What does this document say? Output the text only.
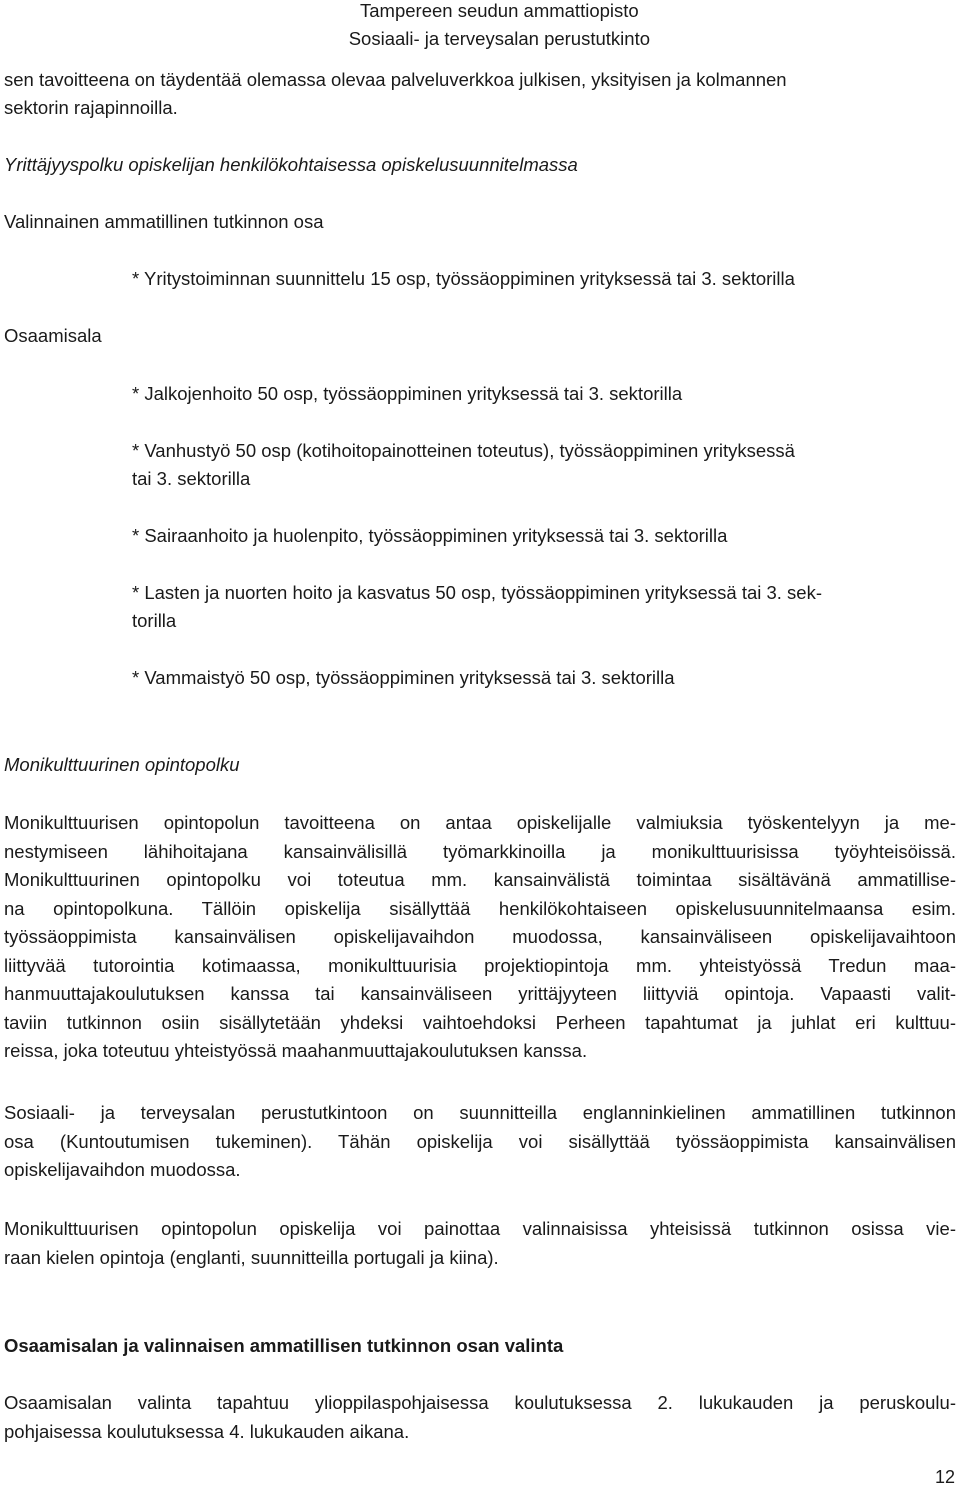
Tampereen seudun ammattiopisto
Sosiaali- ja terveysalan perustutkinto
sen tavoitteena on täydentää olemassa olevaa palveluverkkoa julkisen, yksityisen ja kolmannen
sektorin rajapinnoilla.
Yrittäjyyspolku opiskelijan henkilökohtaisessa opiskelusuunnitelmassa
Valinnainen ammatillinen tutkinnon osa
* Yritystoiminnan suunnittelu 15 osp, työssäoppiminen yrityksessä tai 3. sektorilla
Osaamisala
* Jalkojenhoito 50 osp, työssäoppiminen yrityksessä tai 3. sektorilla
* Vanhustyö 50 osp (kotihoitopainotteinen toteutus), työssäoppiminen yrityksessä
tai 3. sektorilla
* Sairaanhoito ja huolenpito, työssäoppiminen yrityksessä tai 3. sektorilla
* Lasten ja nuorten hoito ja kasvatus 50 osp, työssäoppiminen yrityksessä tai 3. sek-
torilla
* Vammaistyö 50 osp, työssäoppiminen yrityksessä tai 3. sektorilla
Monikulttuurinen opintopolku
Monikulttuurisen opintopolun tavoitteena on antaa opiskelijalle valmiuksia työskentelyyn ja me-
nestymiseen lähihoitajana kansainvälisillä työmarkkinoilla ja monikulttuurisissa työyhteisöissä.
Monikulttuurinen opintopolku voi toteutua mm. kansainvälistä toimintaa sisältävänä ammatillise-
na opintopolkuna. Tällöin opiskelija sisällyttää henkilökohtaiseen opiskelusuunnitelmaansa esim.
työssäoppimista kansainvälisen opiskelijavaihdon muodossa, kansainväliseen opiskelijavaihtoon
liittyvää tutorointia kotimaassa, monikulttuurisia projektiopintoja mm. yhteistyössä Tredun maa-
hanmuuttajakoulutuksen kanssa tai kansainväliseen yrittäjyyteen liittyviä opintoja. Vapaasti valit-
taviin tutkinnon osiin sisällytetään yhdeksi vaihtoehdoksi Perheen tapahtumat ja juhlat eri kulttuu-
reissa, joka toteutuu yhteistyössä maahanmuuttajakoulutuksen kanssa.
Sosiaali- ja terveysalan perustutkintoon on suunnitteilla englanninkielinen ammatillinen tutkinnon
osa (Kuntoutumisen tukeminen). Tähän opiskelija voi sisällyttää työssäoppimista kansainvälisen
opiskelijavaihdon muodossa.
Monikulttuurisen opintopolun opiskelija voi painottaa valinnaisissa yhteisissä tutkinnon osissa vie-
raan kielen opintoja (englanti, suunnitteilla portugali ja kiina).
Osaamisalan ja valinnaisen ammatillisen tutkinnon osan valinta
Osaamisalan valinta tapahtuu ylioppilaspohjaisessa koulutuksessa 2. lukukauden ja peruskoulu-
pohjaisessa koulutuksessa 4. lukukauden aikana.
12
